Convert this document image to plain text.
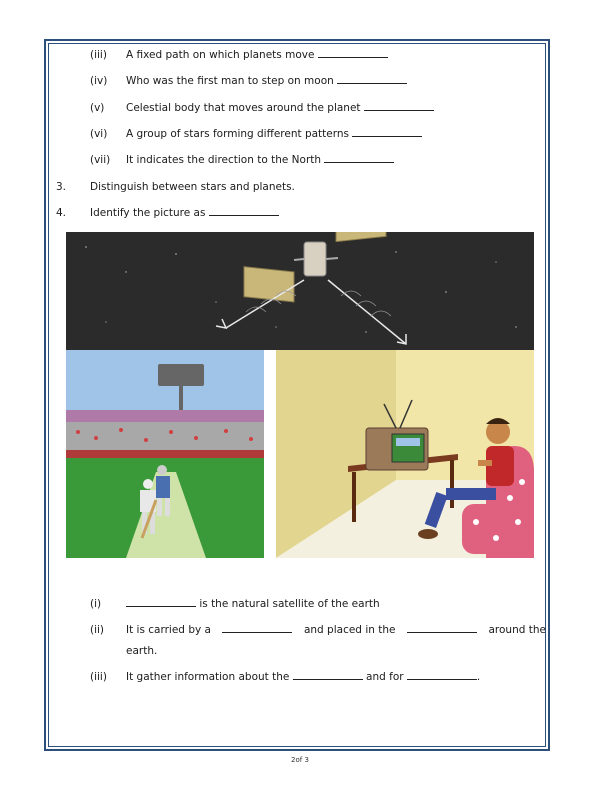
(iii) A fixed path on which planets move
(iv) Who was the first man to step on moon
(v) Celestial body that moves around the planet
(vi) A group of stars forming different patterns
(vii) It indicates the direction to the North
3. Distinguish between stars and planets.
4. Identify the picture as
(i)	is the natural satellite of the earth
(ii) It is carried by a	and placed in the	around the
earth.
(iii) It gather information about the	and for	.
2of 3
